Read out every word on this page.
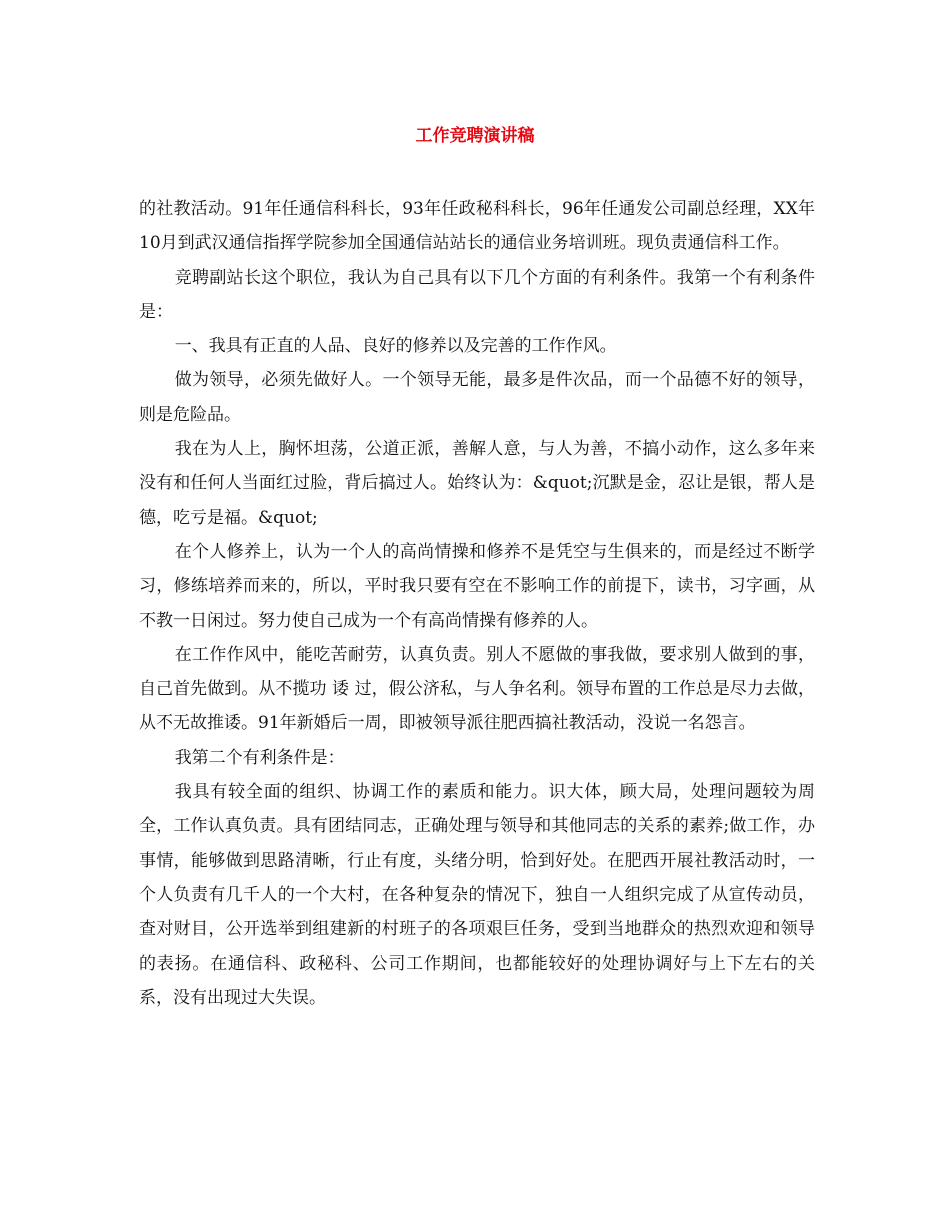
工作竞聘演讲稿

的社教活动。91年任通信科科长，93年任政秘科科长，96年任通发公司副总经理，XX年10月到武汉通信指挥学院参加全国通信站站长的通信业务培训班。现负责通信科工作。

竞聘副站长这个职位，我认为自己具有以下几个方面的有利条件。我第一个有利条件是：

一、我具有正直的人品、良好的修养以及完善的工作作风。

做为领导，必须先做好人。一个领导无能，最多是件次品，而一个品德不好的领导，则是危险品。

我在为人上，胸怀坦荡，公道正派，善解人意，与人为善，不搞小动作，这么多年来没有和任何人当面红过脸，背后搞过人。始终认为：&quot;沉默是金，忍让是银，帮人是德，吃亏是福。&quot;

在个人修养上，认为一个人的高尚情操和修养不是凭空与生俱来的，而是经过不断学习，修练培养而来的，所以，平时我只要有空在不影响工作的前提下，读书，习字画，从不教一日闲过。努力使自己成为一个有高尚情操有修养的人。

在工作作风中，能吃苦耐劳，认真负责。别人不愿做的事我做，要求别人做到的事，自己首先做到。从不揽功 诿 过，假公济私，与人争名利。领导布置的工作总是尽力去做，从不无故推诿。91年新婚后一周，即被领导派往肥西搞社教活动，没说一名怨言。

我第二个有利条件是：

我具有较全面的组织、协调工作的素质和能力。识大体，顾大局，处理问题较为周全，工作认真负责。具有团结同志，正确处理与领导和其他同志的关系的素养;做工作，办事情，能够做到思路清晰，行止有度，头绪分明，恰到好处。在肥西开展社教活动时，一个人负责有几千人的一个大村，在各种复杂的情况下，独自一人组织完成了从宣传动员，查对财目，公开选举到组建新的村班子的各项艰巨任务，受到当地群众的热烈欢迎和领导的表扬。在通信科、政秘科、公司工作期间，也都能较好的处理协调好与上下左右的关系，没有出现过大失误。
